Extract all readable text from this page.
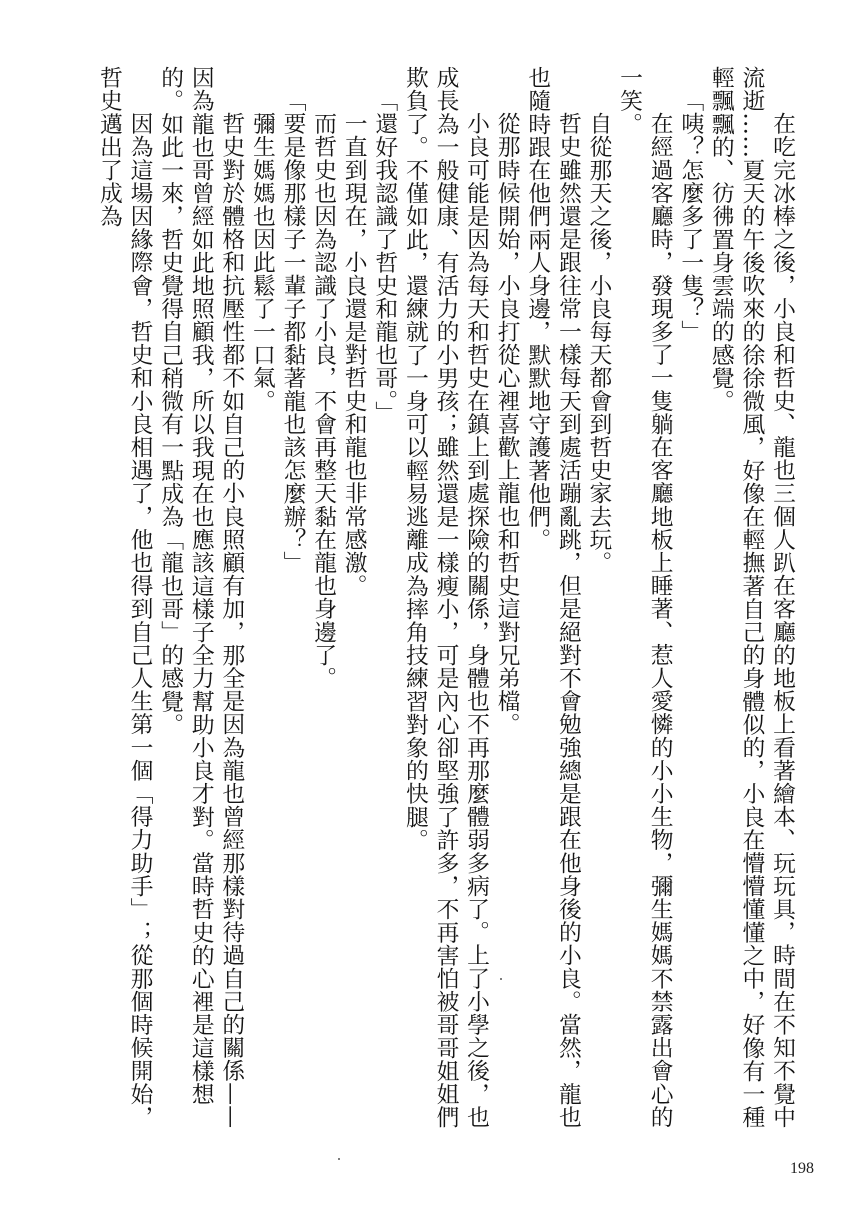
在吃完冰棒之後，小良和哲史、龍也三個人趴在客廳的地板上看著繪本、玩玩具，時間在不知不覺中流逝……夏天的午後吹來的徐徐微風，好像在輕撫著自己的身體似的，小良在懵懵懂懂之中，好像有一種輕飄飄的、彷彿置身雲端的感覺。

「咦？怎麼多了一隻？」

在經過客廳時，發現多了一隻躺在客廳地板上睡著、惹人愛憐的小小生物，彌生媽媽不禁露出會心的一笑。

自從那天之後，小良每天都會到哲史家去玩。

哲史雖然還是跟往常一樣每天到處活蹦亂跳，但是絕對不會勉強總是跟在他身後的小良。當然，龍也也隨時跟在他們兩人身邊，默默地守護著他們。

從那時候開始，小良打從心裡喜歡上龍也和哲史這對兄弟檔。

小良可能是因為每天和哲史在鎮上到處探險的關係，身體也不再那麼體弱多病了。上了小學之後，也成長為一般健康、有活力的小男孩；雖然還是一樣瘦小，可是內心卻堅強了許多，不再害怕被哥哥姐姐們欺負了。不僅如此，還練就了一身可以輕易逃離成為摔角技練習對象的快腿。

「還好我認識了哲史和龍也哥。」

一直到現在，小良還是對哲史和龍也非常感激。

而哲史也因為認識了小良，不會再整天黏在龍也身邊了。

「要是像那樣子一輩子都黏著龍也該怎麼辦？」

彌生媽媽也因此鬆了一口氣。

哲史對於體格和抗壓性都不如自己的小良照顧有加，那全是因為龍也曾經那樣對待過自己的關係——因為龍也哥曾經如此地照顧我，所以我現在也應該這樣子全力幫助小良才對。當時哲史的心裡是這樣想的。如此一來，哲史覺得自己稍微有一點成為「龍也哥」的感覺。

因為這場因緣際會，哲史和小良相遇了，他也得到自己人生第一個「得力助手」；從那個時候開始，哲史邁出了成為

198
